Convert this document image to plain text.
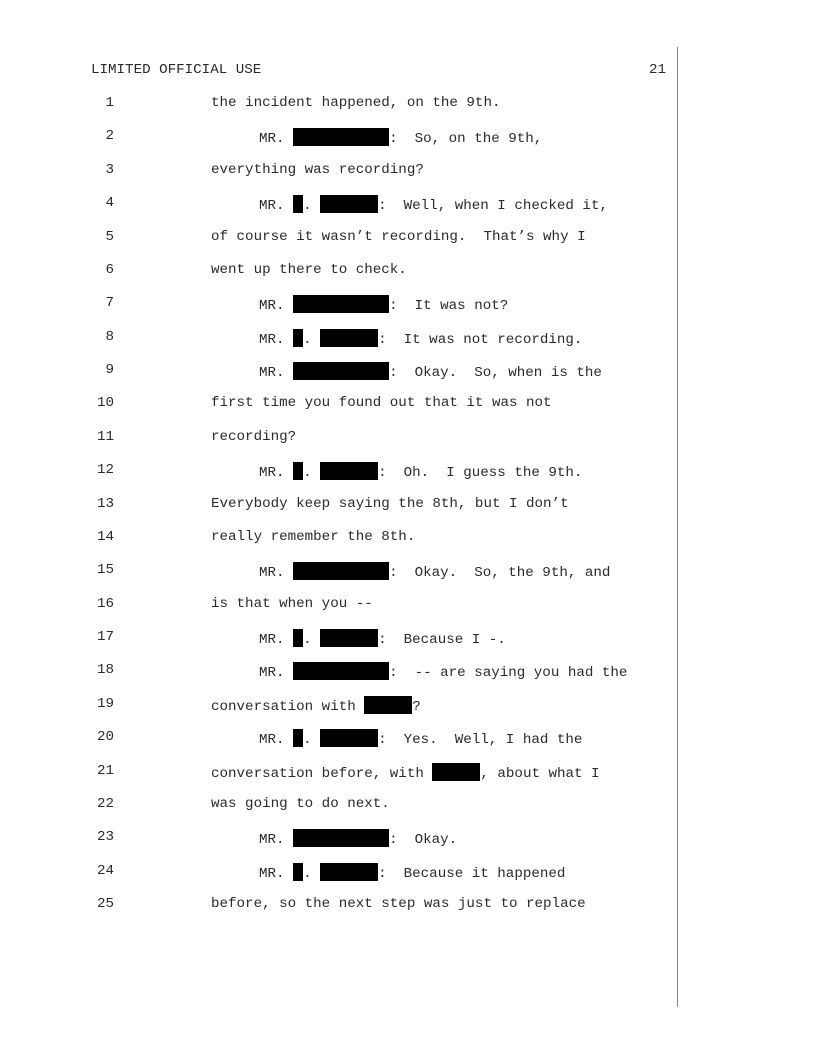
LIMITED OFFICIAL USE	21
1	the incident happened, on the 9th.
2	MR.	:  So, on the 9th,
3	everything was recording?
4	MR. .	:  Well, when I checked it,
5	of course it wasn’t recording.  That’s why I
6	went up there to check.
7	MR.	:  It was not?
8	MR. .	:  It was not recording.
9	MR.	:  Okay.  So, when is the
10	first time you found out that it was not
11	recording?
12	MR. .	:  Oh.  I guess the 9th.
13	Everybody keep saying the 8th, but I don’t
14	really remember the 8th.
15	MR.	:  Okay.  So, the 9th, and
16	is that when you --
17	MR. .	:  Because I -.
18	MR.	:  -- are saying you had the
19	conversation with	?
20	MR. .	:  Yes.  Well, I had the
21	conversation before, with	, about what I
22	was going to do next.
23	MR.	:  Okay.
24	MR. .	:  Because it happened
25	before, so the next step was just to replace
